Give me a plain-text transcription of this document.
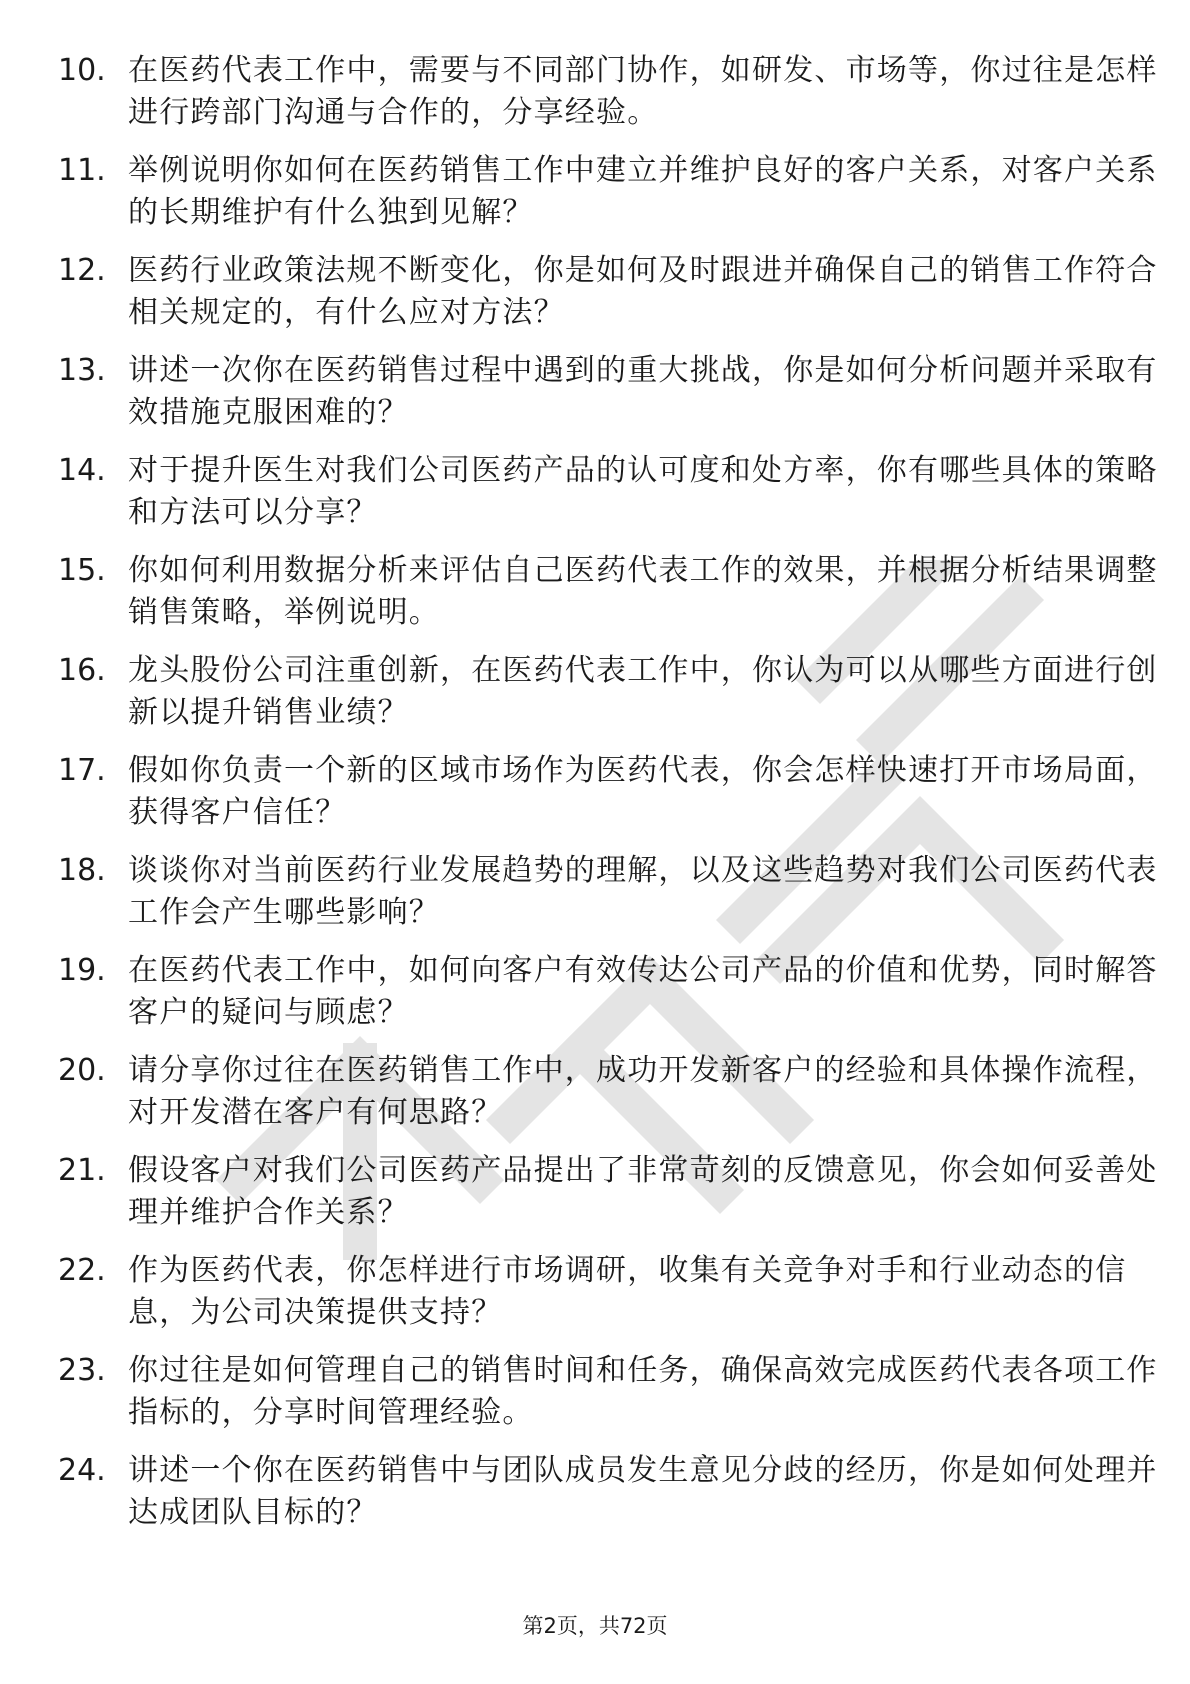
10. 在医药代表工作中，需要与不同部门协作，如研发、市场等，你过往是怎样进行跨部门沟通与合作的，分享经验。
11. 举例说明你如何在医药销售工作中建立并维护良好的客户关系，对客户关系的长期维护有什么独到见解？
12. 医药行业政策法规不断变化，你是如何及时跟进并确保自己的销售工作符合相关规定的，有什么应对方法？
13. 讲述一次你在医药销售过程中遇到的重大挑战，你是如何分析问题并采取有效措施克服困难的？
14. 对于提升医生对我们公司医药产品的认可度和处方率，你有哪些具体的策略和方法可以分享？
15. 你如何利用数据分析来评估自己医药代表工作的效果，并根据分析结果调整销售策略，举例说明。
16. 龙头股份公司注重创新，在医药代表工作中，你认为可以从哪些方面进行创新以提升销售业绩？
17. 假如你负责一个新的区域市场作为医药代表，你会怎样快速打开市场局面，获得客户信任？
18. 谈谈你对当前医药行业发展趋势的理解，以及这些趋势对我们公司医药代表工作会产生哪些影响？
19. 在医药代表工作中，如何向客户有效传达公司产品的价值和优势，同时解答客户的疑问与顾虑？
20. 请分享你过往在医药销售工作中，成功开发新客户的经验和具体操作流程，对开发潜在客户有何思路？
21. 假设客户对我们公司医药产品提出了非常苛刻的反馈意见，你会如何妥善处理并维护合作关系？
22. 作为医药代表，你怎样进行市场调研，收集有关竞争对手和行业动态的信息，为公司决策提供支持？
23. 你过往是如何管理自己的销售时间和任务，确保高效完成医药代表各项工作指标的，分享时间管理经验。
24. 讲述一个你在医药销售中与团队成员发生意见分歧的经历，你是如何处理并达成团队目标的？
第2页，共72页
